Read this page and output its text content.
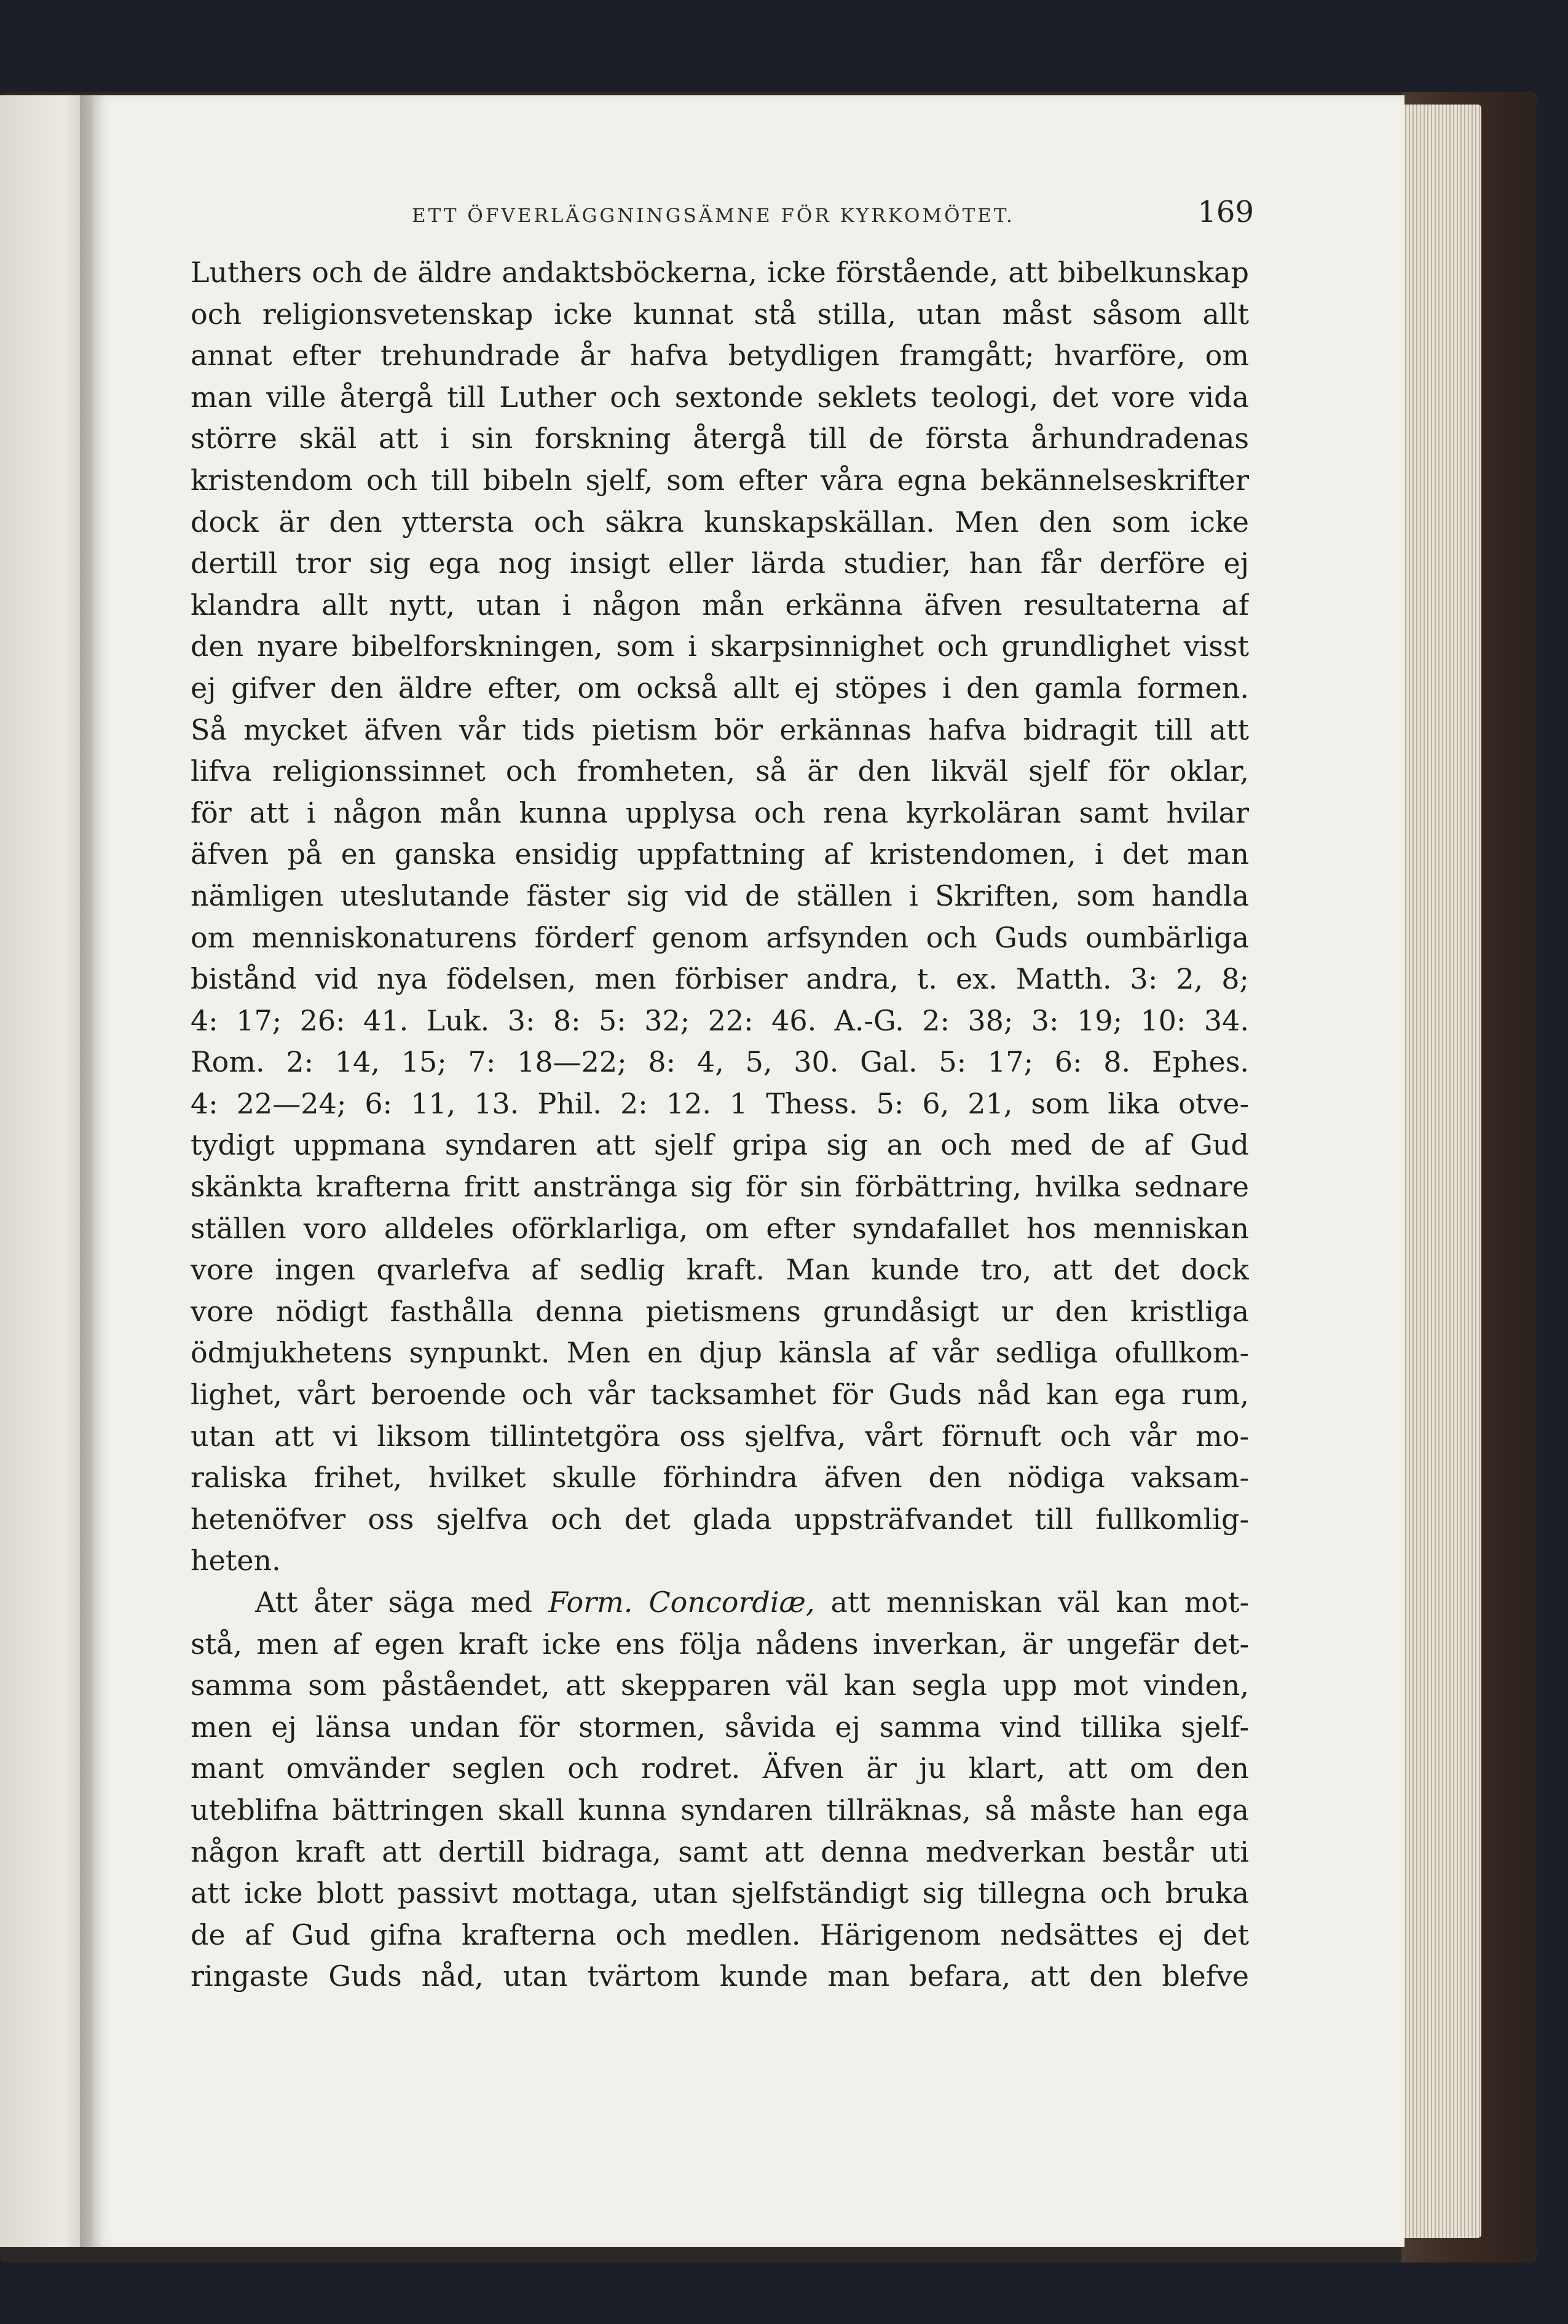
ETT ÖFVERLÄGGNINGSÄMNE FÖR KYRKOMÖTET.	169
Luthers och de äldre andaktsböckerna, icke förstående, att bibelkunskap
och religionsvetenskap icke kunnat stå stilla, utan måst såsom allt
annat efter trehundrade år hafva betydligen framgått; hvarföre, om
man ville återgå till Luther och sextonde seklets teologi, det vore vida
större skäl att i sin forskning återgå till de första århundradenas
kristendom och till bibeln sjelf, som efter våra egna bekännelseskrifter
dock är den yttersta och säkra kunskapskällan. Men den som icke
dertill tror sig ega nog insigt eller lärda studier, han får derföre ej
klandra allt nytt, utan i någon mån erkänna äfven resultaterna af
den nyare bibelforskningen, som i skarpsinnighet och grundlighet visst
ej gifver den äldre efter, om också allt ej stöpes i den gamla formen.
Så mycket äfven vår tids pietism bör erkännas hafva bidragit till att
lifva religionssinnet och fromheten, så är den likväl sjelf för oklar,
för att i någon mån kunna upplysa och rena kyrkoläran samt hvilar
äfven på en ganska ensidig uppfattning af kristendomen, i det man
nämligen uteslutande fäster sig vid de ställen i Skriften, som handla
om menniskonaturens förderf genom arfsynden och Guds oumbärliga
bistånd vid nya födelsen, men förbiser andra, t. ex. Matth. 3: 2, 8;
4: 17; 26: 41. Luk. 3: 8: 5: 32; 22: 46. A.-G. 2: 38; 3: 19; 10: 34.
Rom. 2: 14, 15; 7: 18—22; 8: 4, 5, 30. Gal. 5: 17; 6: 8. Ephes.
4: 22—24; 6: 11, 13. Phil. 2: 12. 1 Thess. 5: 6, 21, som lika otve-
tydigt uppmana syndaren att sjelf gripa sig an och med de af Gud
skänkta krafterna fritt anstränga sig för sin förbättring, hvilka sednare
ställen voro alldeles oförklarliga, om efter syndafallet hos menniskan
vore ingen qvarlefva af sedlig kraft. Man kunde tro, att det dock
vore nödigt fasthålla denna pietismens grundåsigt ur den kristliga
ödmjukhetens synpunkt. Men en djup känsla af vår sedliga ofullkom-
lighet, vårt beroende och vår tacksamhet för Guds nåd kan ega rum,
utan att vi liksom tillintetgöra oss sjelfva, vårt förnuft och vår mo-
raliska frihet, hvilket skulle förhindra äfven den nödiga vaksam-
hetenöfver oss sjelfva och det glada uppsträfvandet till fullkomlig-
heten.
Att åter säga med Form. Concordiæ, att menniskan väl kan mot-
stå, men af egen kraft icke ens följa nådens inverkan, är ungefär det-
samma som påståendet, att skepparen väl kan segla upp mot vinden,
men ej länsa undan för stormen, såvida ej samma vind tillika sjelf-
mant omvänder seglen och rodret. Äfven är ju klart, att om den
uteblifna bättringen skall kunna syndaren tillräknas, så måste han ega
någon kraft att dertill bidraga, samt att denna medverkan består uti
att icke blott passivt mottaga, utan sjelfständigt sig tillegna och bruka
de af Gud gifna krafterna och medlen. Härigenom nedsättes ej det
ringaste Guds nåd, utan tvärtom kunde man befara, att den blefve
